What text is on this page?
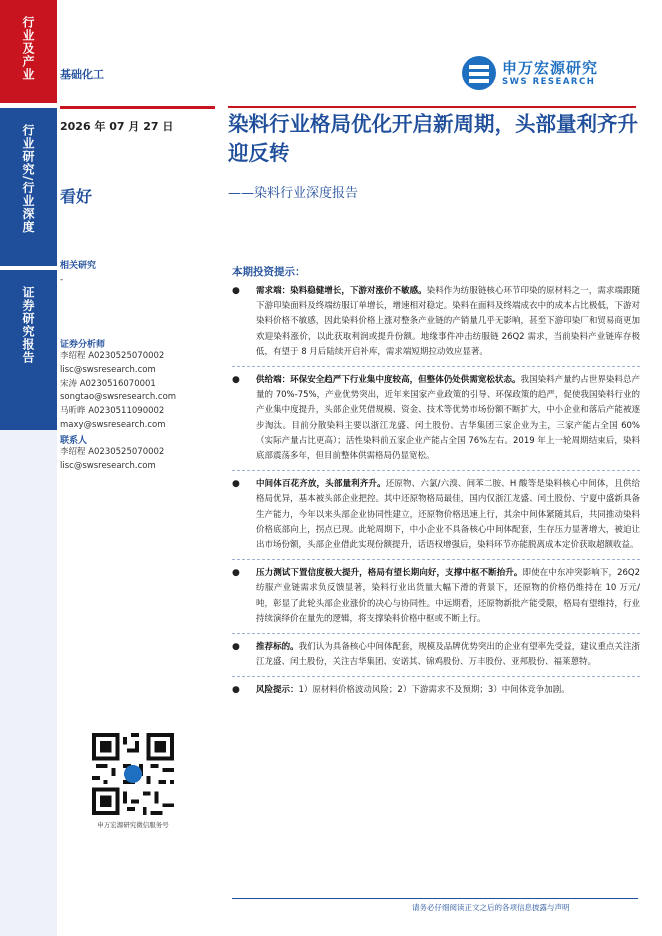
行业及产业
行业研究/行业深度
证券研究报告
基础化工	申万宏源研究
SWS RESEARCH
2026 年 07 月 27 日
看好
染料行业格局优化开启新周期，头部量利齐升迎反转
——染料行业深度报告
相关研究
-
证券分析师
李绍程 A0230525070002
lisc@swsresearch.com
宋涛 A0230516070001
songtao@swsresearch.com
马昕晔 A0230511090002
maxy@swsresearch.com
联系人
李绍程 A0230525070002
lisc@swsresearch.com
申万宏源研究微信服务号
本期投资提示：
● 需求端：染料稳健增长，下游对涨价不敏感。染料作为纺服链核心环节印染的原材料之一，需求端跟随下游印染面料及终端纺服订单增长，增速相对稳定。染料在面料及终端成衣中的成本占比极低，下游对染料价格不敏感，因此染料价格上涨对整条产业链的产销量几乎无影响，甚至下游印染厂和贸易商更加欢迎染料涨价，以此获取利润或提升份额。地缘事件冲击纺服链 26Q2 需求，当前染料产业链库存极低，有望于 8 月后陆续开启补库，需求端短期拉动效应显著。
● 供给端：环保安全趋严下行业集中度较高，但整体仍处供需宽松状态。我国染料产量约占世界染料总产量的 70%-75%，产业优势突出，近年来国家产业政策的引导、环保政策的趋严，促使我国染料行业的产业集中度提升，头部企业凭借规模、资金、技术等优势市场份额不断扩大，中小企业和落后产能被逐步淘汰。目前分散染料主要以浙江龙盛、闰土股份、吉华集团三家企业为主，三家产能占全国 60%（实际产量占比更高）；活性染料前五家企业产能占全国 76%左右。2019 年上一轮周期结束后，染料底部震荡多年，但目前整体供需格局仍显宽松。
● 中间体百花齐放，头部量利齐升。还原物、六氯/六溴、间苯二胺、H 酸等是染料核心中间体，且供给格局优异，基本被头部企业把控。其中还原物格局最佳，国内仅浙江龙盛、闰土股份、宁夏中盛新具备生产能力，今年以来头部企业协同性建立，还原物价格迅速上行，其余中间体紧随其后，共同推动染料价格底部向上，拐点已现。此轮周期下，中小企业不具备核心中间体配套，生存压力显著增大，被迫让出市场份额，头部企业借此实现份额提升，话语权增强后，染料环节亦能脱离成本定价获取超额收益。
● 压力测试下置信度极大提升，格局有望长期向好，支撑中枢不断抬升。即使在中东冲突影响下，26Q2 纺服产业链需求负反馈显著，染料行业出货量大幅下滑的背景下，还原物的价格仍维持在 10 万元/吨，彰显了此轮头部企业涨价的决心与协同性。中远期看，还原物新批产能受限，格局有望维持，行业持续演绎价在量先的逻辑，将支撑染料价格中枢或不断上行。
● 推荐标的。我们认为具备核心中间体配套，规模及品牌优势突出的企业有望率先受益，建议重点关注浙江龙盛、闰土股份，关注吉华集团、安诺其、锦鸡股份、万丰股份、亚邦股份、福莱蒽特。
● 风险提示：1）原材料价格波动风险；2）下游需求不及预期；3）中间体竞争加剧。
请务必仔细阅读正文之后的各项信息披露与声明
